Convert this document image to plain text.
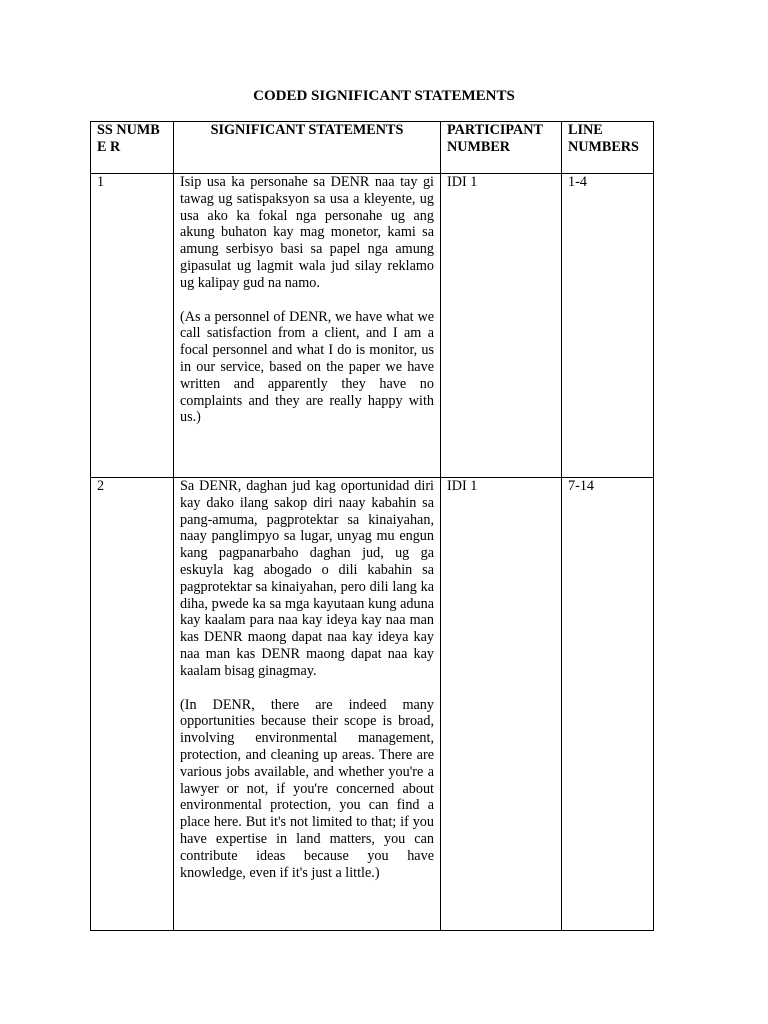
CODED SIGNIFICANT STATEMENTS
SS NUMBE R	SIGNIFICANT STATEMENTS	PARTICIPANT NUMBER	LINE NUMBERS
1	Isip usa ka personahe sa DENR naa tay gi tawag ug satispaksyon sa usa a kleyente, ug usa ako ka fokal nga personahe ug ang akung buhaton kay mag monetor, kami sa amung serbisyo basi sa papel nga amung gipasulat ug lagmit wala jud silay reklamo ug kalipay gud na namo.

(As a personnel of DENR, we have what we call satisfaction from a client, and I am a focal personnel and what I do is monitor, us in our service, based on the paper we have written and apparently they have no complaints and they are really happy with us.)	IDI 1	1-4
2	Sa DENR, daghan jud kag oportunidad diri kay dako ilang sakop diri naay kabahin sa pang-amuma, pagprotektar sa kinaiyahan, naay panglimpyo sa lugar, unyag mu engun kang pagpanarbaho daghan jud, ug ga eskuyla kag abogado o dili kabahin sa pagprotektar sa kinaiyahan, pero dili lang ka diha, pwede ka sa mga kayutaan kung aduna kay kaalam para naa kay ideya kay naa man kas DENR maong dapat naa kay ideya kay naa man kas DENR maong dapat naa kay kaalam bisag ginagmay.

(In DENR, there are indeed many opportunities because their scope is broad, involving environmental management, protection, and cleaning up areas. There are various jobs available, and whether you're a lawyer or not, if you're concerned about environmental protection, you can find a place here. But it's not limited to that; if you have expertise in land matters, you can contribute ideas because you have knowledge, even if it's just a little.)	IDI 1	7-14
